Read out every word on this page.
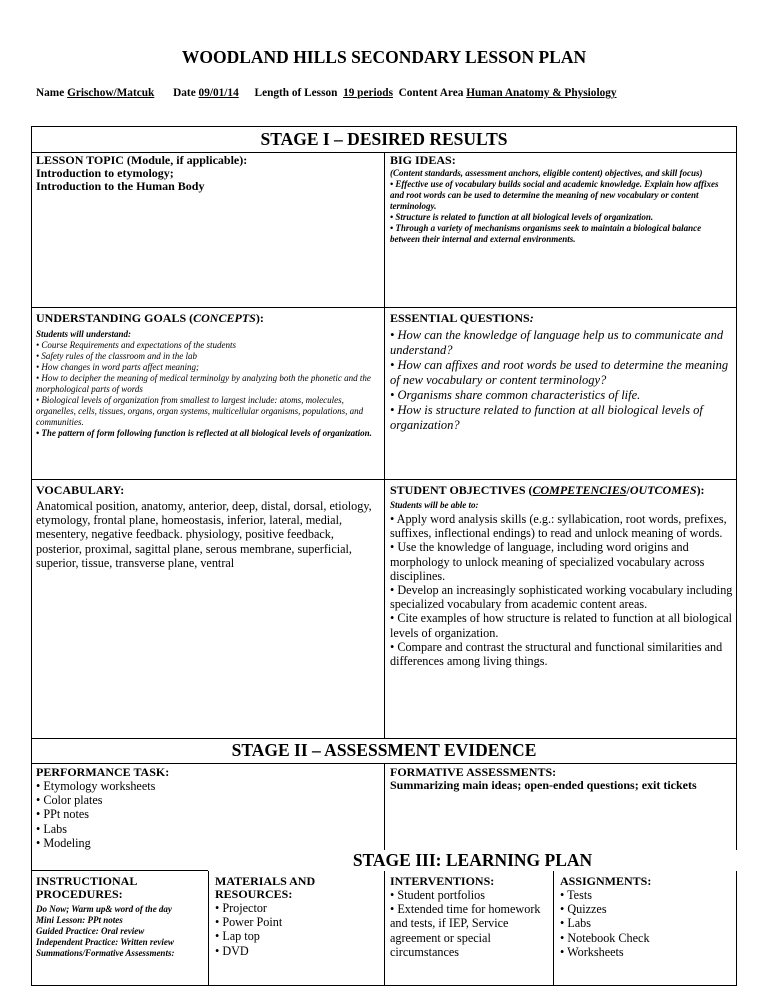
WOODLAND HILLS SECONDARY LESSON PLAN
Name Grischow/Matcuk Date 09/01/14 Length of Lesson 19 periods Content Area Human Anatomy & Physiology
STAGE I – DESIRED RESULTS
LESSON TOPIC (Module, if applicable):
Introduction to etymology;
Introduction to the Human Body
BIG IDEAS:
(Content standards, assessment anchors, eligible content) objectives, and skill focus)
• Effective use of vocabulary builds social and academic knowledge. Explain how affixes and root words can be used to determine the meaning of new vocabulary or content terminology.
• Structure is related to function at all biological levels of organization.
• Through a variety of mechanisms organisms seek to maintain a biological balance between their internal and external environments.
UNDERSTANDING GOALS (CONCEPTS):
Students will understand:
• Course Requirements and expectations of the students
• Safety rules of the classroom and in the lab
• How changes in word parts affect meaning;
• How to decipher the meaning of medical terminolgy by analyzing both the phonetic and the morphological parts of words
• Biological levels of organization from smallest to largest include: atoms, molecules, organelles, cells, tissues, organs, organ systems, multicellular organisms, populations, and communities.
• The pattern of form following function is reflected at all biological levels of organization.
ESSENTIAL QUESTIONS:
• How can the knowledge of language help us to communicate and understand?
• How can affixes and root words be used to determine the meaning of new vocabulary or content terminology?
• Organisms share common characteristics of life.
• How is structure related to function at all biological levels of organization?
VOCABULARY:
Anatomical position, anatomy, anterior, deep, distal, dorsal, etiology, etymology, frontal plane, homeostasis, inferior, lateral, medial, mesentery, negative feedback. physiology, positive feedback, posterior, proximal, sagittal plane, serous membrane, superficial, superior, tissue, transverse plane, ventral
STUDENT OBJECTIVES (COMPETENCIES/OUTCOMES):
Students will be able to:
• Apply word analysis skills (e.g.: syllabication, root words, prefixes, suffixes, inflectional endings) to read and unlock meaning of words.
• Use the knowledge of language, including word origins and morphology to unlock meaning of specialized vocabulary across disciplines.
• Develop an increasingly sophisticated working vocabulary including specialized vocabulary from academic content areas.
• Cite examples of how structure is related to function at all biological levels of organization.
• Compare and contrast the structural and functional similarities and differences among living things.
STAGE II – ASSESSMENT EVIDENCE
PERFORMANCE TASK:
• Etymology worksheets
• Color plates
• PPt notes
• Labs
• Modeling
FORMATIVE ASSESSMENTS:
Summarizing main ideas; open-ended questions; exit tickets
STAGE III: LEARNING PLAN
INSTRUCTIONAL PROCEDURES:
Do Now; Warm up& word of the day
Mini Lesson: PPt notes
Guided Practice: Oral review
Independent Practice: Written review
Summations/Formative Assessments:
MATERIALS AND RESOURCES:
• Projector
• Power Point
• Lap top
• DVD
INTERVENTIONS:
• Student portfolios
• Extended time for homework and tests, if IEP, Service agreement or special circumstances
ASSIGNMENTS:
• Tests
• Quizzes
• Labs
• Notebook Check
• Worksheets
